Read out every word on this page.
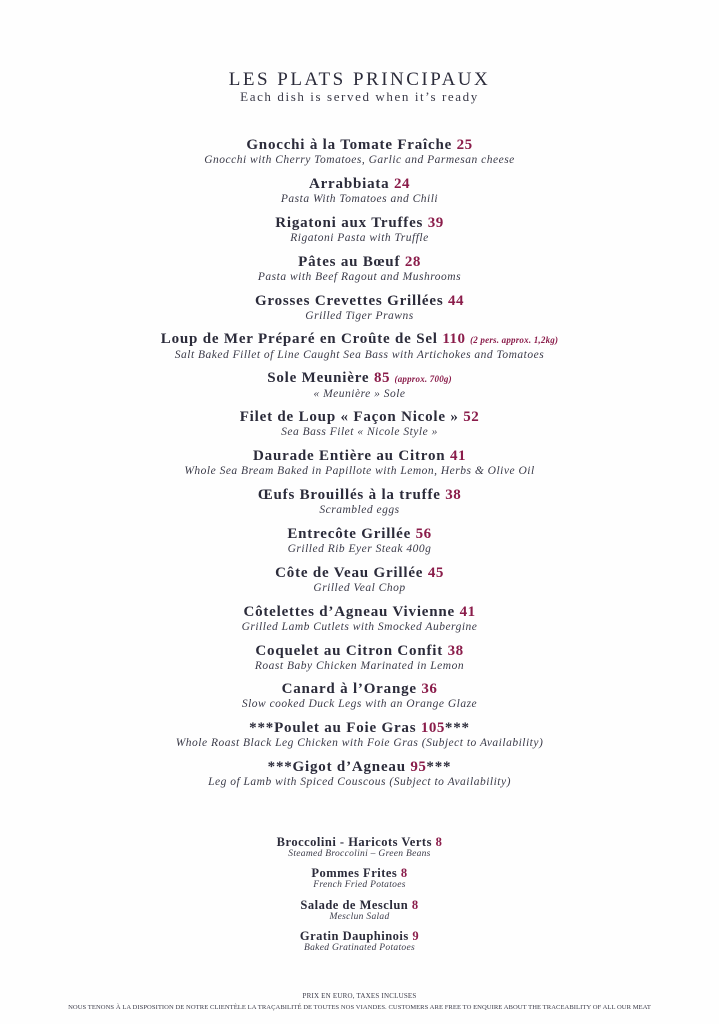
LES PLATS PRINCIPAUX
Each dish is served when it’s ready
Gnocchi à la Tomate Fraîche 25
Gnocchi with Cherry Tomatoes, Garlic and Parmesan cheese
Arrabbiata 24
Pasta With Tomatoes and Chili
Rigatoni aux Truffes 39
Rigatoni Pasta with Truffle
Pâtes au Bœuf 28
Pasta with Beef Ragout and Mushrooms
Grosses Crevettes Grillées 44
Grilled Tiger Prawns
Loup de Mer Préparé en Croûte de Sel 110 (2 pers. approx. 1,2kg)
Salt Baked Fillet of Line Caught Sea Bass with Artichokes and Tomatoes
Sole Meunière 85 (approx. 700g)
« Meunière » Sole
Filet de Loup « Façon Nicole » 52
Sea Bass Filet « Nicole Style »
Daurade Entière au Citron 41
Whole Sea Bream Baked in Papillote with Lemon, Herbs & Olive Oil
Œufs Brouillés à la truffe 38
Scrambled eggs
Entrecôte Grillée 56
Grilled Rib Eyer Steak 400g
Côte de Veau Grillée 45
Grilled Veal Chop
Côtelettes d’Agneau Vivienne 41
Grilled Lamb Cutlets with Smocked Aubergine
Coquelet au Citron Confit 38
Roast Baby Chicken Marinated in Lemon
Canard à l’Orange 36
Slow cooked Duck Legs with an Orange Glaze
***Poulet au Foie Gras 105***
Whole Roast Black Leg Chicken with Foie Gras (Subject to Availability)
***Gigot d’Agneau 95***
Leg of Lamb with Spiced Couscous (Subject to Availability)
Broccolini - Haricots Verts 8
Steamed Broccolini – Green Beans
Pommes Frites 8
French Fried Potatoes
Salade de Mesclun 8
Mesclun Salad
Gratin Dauphinois 9
Baked Gratinated Potatoes
PRIX EN EURO, TAXES INCLUSES
NOUS TENONS À LA DISPOSITION DE NOTRE CLIENTÈLE LA TRAÇABILITÉ DE TOUTES NOS VIANDES. CUSTOMERS ARE FREE TO ENQUIRE ABOUT THE TRACEABILITY OF ALL OUR MEAT
